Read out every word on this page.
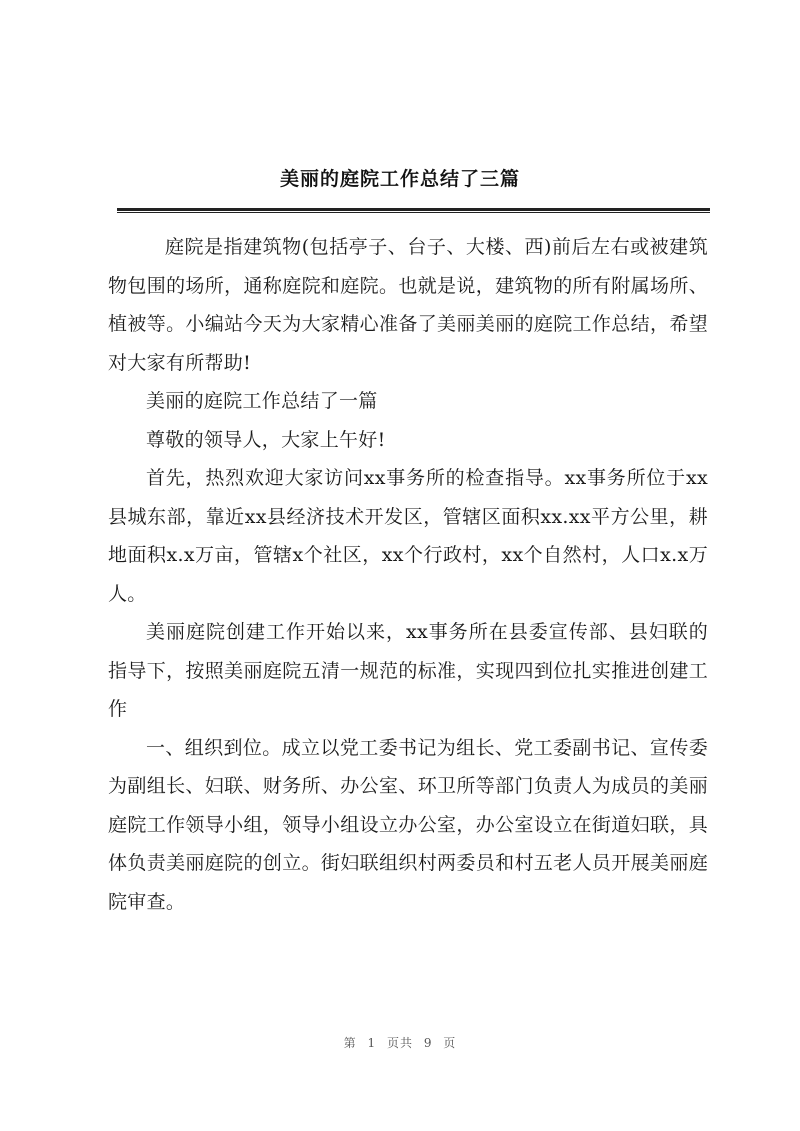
美丽的庭院工作总结了三篇

庭院是指建筑物(包括亭子、台子、大楼、西)前后左右或被建筑物包围的场所，通称庭院和庭院。也就是说，建筑物的所有附属场所、植被等。小编站今天为大家精心准备了美丽美丽的庭院工作总结，希望对大家有所帮助!

美丽的庭院工作总结了一篇

尊敬的领导人，大家上午好!

首先，热烈欢迎大家访问xx事务所的检查指导。xx事务所位于xx县城东部，靠近xx县经济技术开发区，管辖区面积xx.xx平方公里，耕地面积x.x万亩，管辖x个社区，xx个行政村，xx个自然村，人口x.x万人。

美丽庭院创建工作开始以来，xx事务所在县委宣传部、县妇联的指导下，按照美丽庭院五清一规范的标准，实现四到位扎实推进创建工作

一、组织到位。成立以党工委书记为组长、党工委副书记、宣传委为副组长、妇联、财务所、办公室、环卫所等部门负责人为成员的美丽庭院工作领导小组，领导小组设立办公室，办公室设立在街道妇联，具体负责美丽庭院的创立。街妇联组织村两委员和村五老人员开展美丽庭院审查。

第 1 页共 9 页
